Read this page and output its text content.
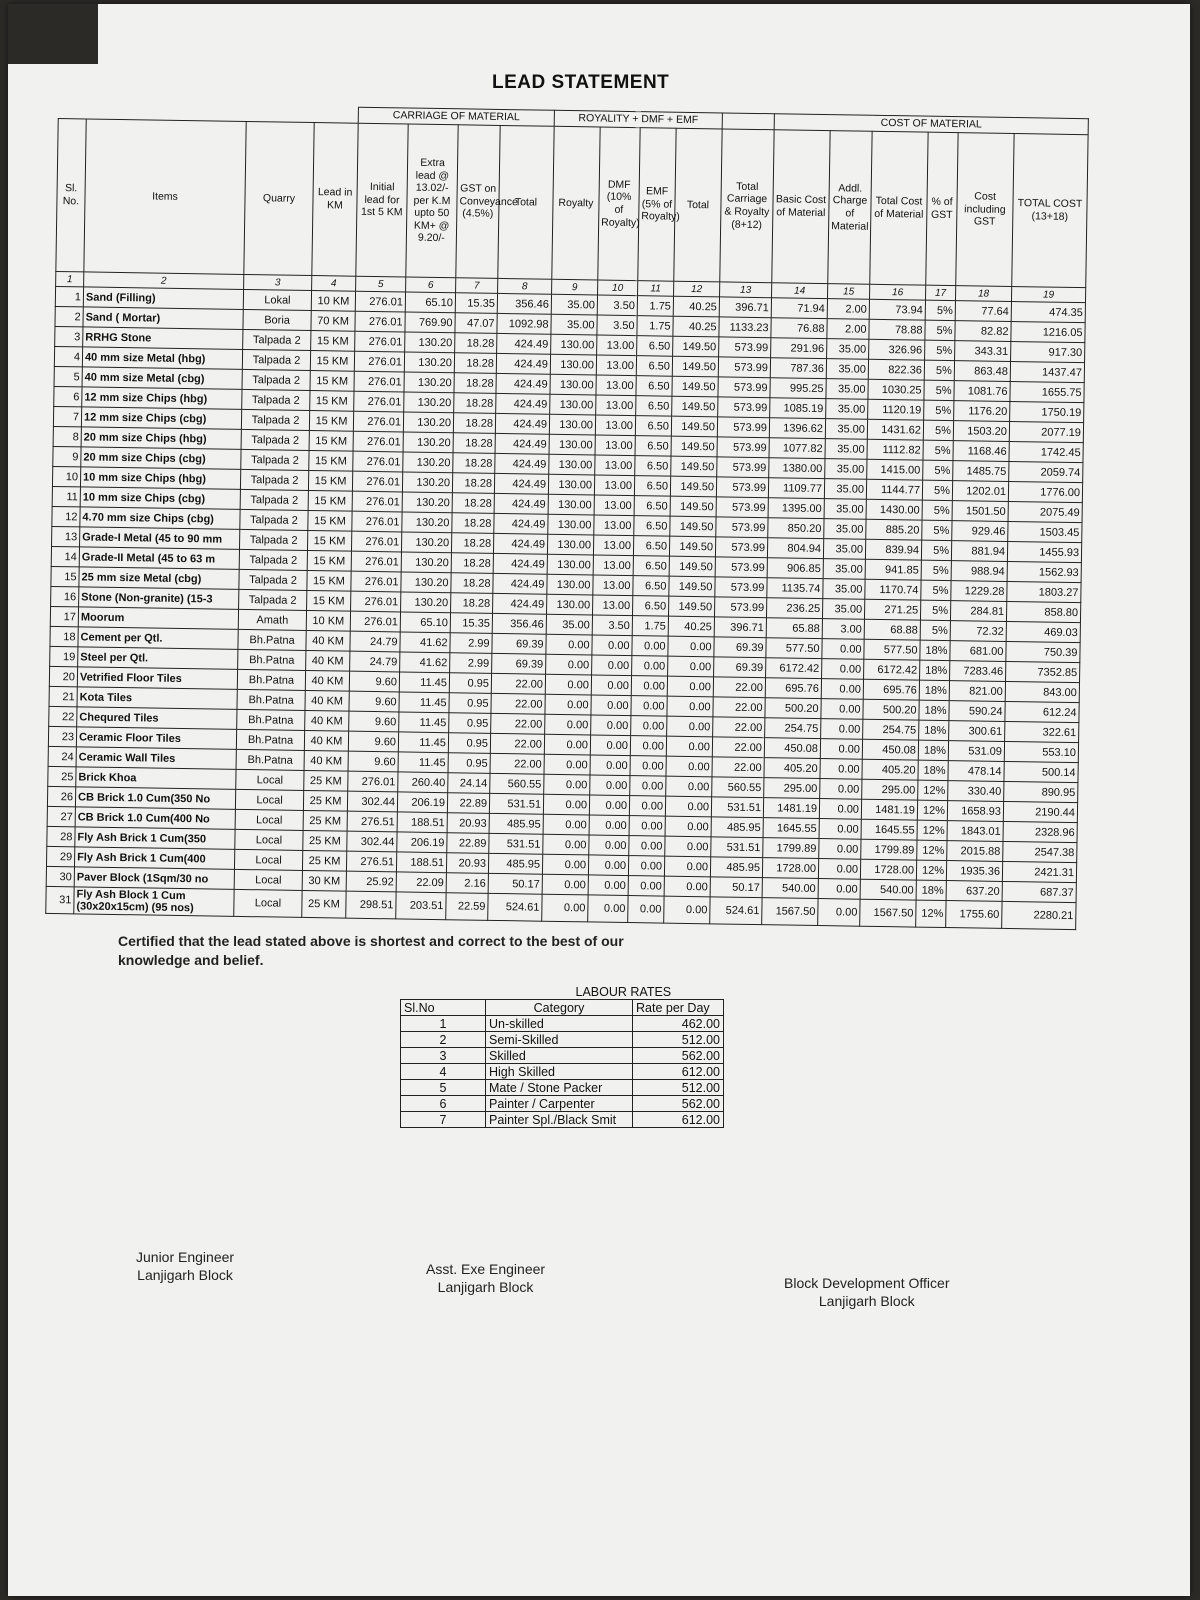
LEAD STATEMENT
				CARRIAGE OF MATERIAL				ROYALITY + DMF + EMF					COST OF MATERIAL					
Sl. No.	Items	Quarry	Lead in KM	Initial lead for 1st 5 KM	Extra lead @ 13.02/- per K.M upto 50 KM+ @ 9.20/-	GST on Conveyance (4.5%)	Total	Royalty	DMF (10% of Royalty)	EMF (5% of Royalty)	Total	Total Carriage & Royalty (8+12)	Basic Cost of Material	Addl. Charge of Material	Total Cost of Material	% of GST	Cost including GST	TOTAL COST (13+18)
1	2	3	4	5	6	7	8	9	10	11	12	13	14	15	16	17	18	19
1	Sand (Filling)	Lokal	10 KM	276.01	65.10	15.35	356.46	35.00	3.50	1.75	40.25	396.71	71.94	2.00	73.94	5%	77.64	474.35
2	Sand ( Mortar)	Boria	70 KM	276.01	769.90	47.07	1092.98	35.00	3.50	1.75	40.25	1133.23	76.88	2.00	78.88	5%	82.82	1216.05
3	RRHG Stone	Talpada 2	15 KM	276.01	130.20	18.28	424.49	130.00	13.00	6.50	149.50	573.99	291.96	35.00	326.96	5%	343.31	917.30
4	40 mm size Metal (hbg)	Talpada 2	15 KM	276.01	130.20	18.28	424.49	130.00	13.00	6.50	149.50	573.99	787.36	35.00	822.36	5%	863.48	1437.47
5	40 mm size Metal (cbg)	Talpada 2	15 KM	276.01	130.20	18.28	424.49	130.00	13.00	6.50	149.50	573.99	995.25	35.00	1030.25	5%	1081.76	1655.75
6	12 mm size Chips (hbg)	Talpada 2	15 KM	276.01	130.20	18.28	424.49	130.00	13.00	6.50	149.50	573.99	1085.19	35.00	1120.19	5%	1176.20	1750.19
7	12 mm size Chips (cbg)	Talpada 2	15 KM	276.01	130.20	18.28	424.49	130.00	13.00	6.50	149.50	573.99	1396.62	35.00	1431.62	5%	1503.20	2077.19
8	20 mm size Chips (hbg)	Talpada 2	15 KM	276.01	130.20	18.28	424.49	130.00	13.00	6.50	149.50	573.99	1077.82	35.00	1112.82	5%	1168.46	1742.45
9	20 mm size Chips (cbg)	Talpada 2	15 KM	276.01	130.20	18.28	424.49	130.00	13.00	6.50	149.50	573.99	1380.00	35.00	1415.00	5%	1485.75	2059.74
10	10 mm size Chips (hbg)	Talpada 2	15 KM	276.01	130.20	18.28	424.49	130.00	13.00	6.50	149.50	573.99	1109.77	35.00	1144.77	5%	1202.01	1776.00
11	10 mm size Chips (cbg)	Talpada 2	15 KM	276.01	130.20	18.28	424.49	130.00	13.00	6.50	149.50	573.99	1395.00	35.00	1430.00	5%	1501.50	2075.49
12	4.70 mm size Chips (cbg)	Talpada 2	15 KM	276.01	130.20	18.28	424.49	130.00	13.00	6.50	149.50	573.99	850.20	35.00	885.20	5%	929.46	1503.45
13	Grade-I Metal (45 to 90 mm	Talpada 2	15 KM	276.01	130.20	18.28	424.49	130.00	13.00	6.50	149.50	573.99	804.94	35.00	839.94	5%	881.94	1455.93
14	Grade-II Metal (45 to 63 m	Talpada 2	15 KM	276.01	130.20	18.28	424.49	130.00	13.00	6.50	149.50	573.99	906.85	35.00	941.85	5%	988.94	1562.93
15	25 mm size Metal (cbg)	Talpada 2	15 KM	276.01	130.20	18.28	424.49	130.00	13.00	6.50	149.50	573.99	1135.74	35.00	1170.74	5%	1229.28	1803.27
16	Stone (Non-granite) (15-3	Talpada 2	15 KM	276.01	130.20	18.28	424.49	130.00	13.00	6.50	149.50	573.99	236.25	35.00	271.25	5%	284.81	858.80
17	Moorum	Amath	10 KM	276.01	65.10	15.35	356.46	35.00	3.50	1.75	40.25	396.71	65.88	3.00	68.88	5%	72.32	469.03
18	Cement per Qtl.	Bh.Patna	40 KM	24.79	41.62	2.99	69.39	0.00	0.00	0.00	0.00	69.39	577.50	0.00	577.50	18%	681.00	750.39
19	Steel per Qtl.	Bh.Patna	40 KM	24.79	41.62	2.99	69.39	0.00	0.00	0.00	0.00	69.39	6172.42	0.00	6172.42	18%	7283.46	7352.85
20	Vetrified Floor Tiles	Bh.Patna	40 KM	9.60	11.45	0.95	22.00	0.00	0.00	0.00	0.00	22.00	695.76	0.00	695.76	18%	821.00	843.00
21	Kota Tiles	Bh.Patna	40 KM	9.60	11.45	0.95	22.00	0.00	0.00	0.00	0.00	22.00	500.20	0.00	500.20	18%	590.24	612.24
22	Chequred Tiles	Bh.Patna	40 KM	9.60	11.45	0.95	22.00	0.00	0.00	0.00	0.00	22.00	254.75	0.00	254.75	18%	300.61	322.61
23	Ceramic Floor Tiles	Bh.Patna	40 KM	9.60	11.45	0.95	22.00	0.00	0.00	0.00	0.00	22.00	450.08	0.00	450.08	18%	531.09	553.10
24	Ceramic Wall Tiles	Bh.Patna	40 KM	9.60	11.45	0.95	22.00	0.00	0.00	0.00	0.00	22.00	405.20	0.00	405.20	18%	478.14	500.14
25	Brick Khoa	Local	25 KM	276.01	260.40	24.14	560.55	0.00	0.00	0.00	0.00	560.55	295.00	0.00	295.00	12%	330.40	890.95
26	CB Brick 1.0 Cum(350 No	Local	25 KM	302.44	206.19	22.89	531.51	0.00	0.00	0.00	0.00	531.51	1481.19	0.00	1481.19	12%	1658.93	2190.44
27	CB Brick 1.0 Cum(400 No	Local	25 KM	276.51	188.51	20.93	485.95	0.00	0.00	0.00	0.00	485.95	1645.55	0.00	1645.55	12%	1843.01	2328.96
28	Fly Ash Brick 1 Cum(350	Local	25 KM	302.44	206.19	22.89	531.51	0.00	0.00	0.00	0.00	531.51	1799.89	0.00	1799.89	12%	2015.88	2547.38
29	Fly Ash Brick 1 Cum(400	Local	25 KM	276.51	188.51	20.93	485.95	0.00	0.00	0.00	0.00	485.95	1728.00	0.00	1728.00	12%	1935.36	2421.31
30	Paver Block (1Sqm/30 no	Local	30 KM	25.92	22.09	2.16	50.17	0.00	0.00	0.00	0.00	50.17	540.00	0.00	540.00	18%	637.20	687.37
31	Fly Ash Block 1 Cum (30x20x15cm) (95 nos)	Local	25 KM	298.51	203.51	22.59	524.61	0.00	0.00	0.00	0.00	524.61	1567.50	0.00	1567.50	12%	1755.60	2280.21
Certified that the lead stated above is shortest and correct to the best of our knowledge and belief.
	LABOUR RATES	
Sl.No	Category	Rate per Day
1	Un-skilled	462.00
2	Semi-Skilled	512.00
3	Skilled	562.00
4	High Skilled	612.00
5	Mate / Stone Packer	512.00
6	Painter / Carpenter	562.00
7	Painter Spl./Black Smit	612.00
Junior Engineer
Lanjigarh Block	Asst. Exe Engineer
Lanjigarh Block	Block Development Officer
Lanjigarh Block
